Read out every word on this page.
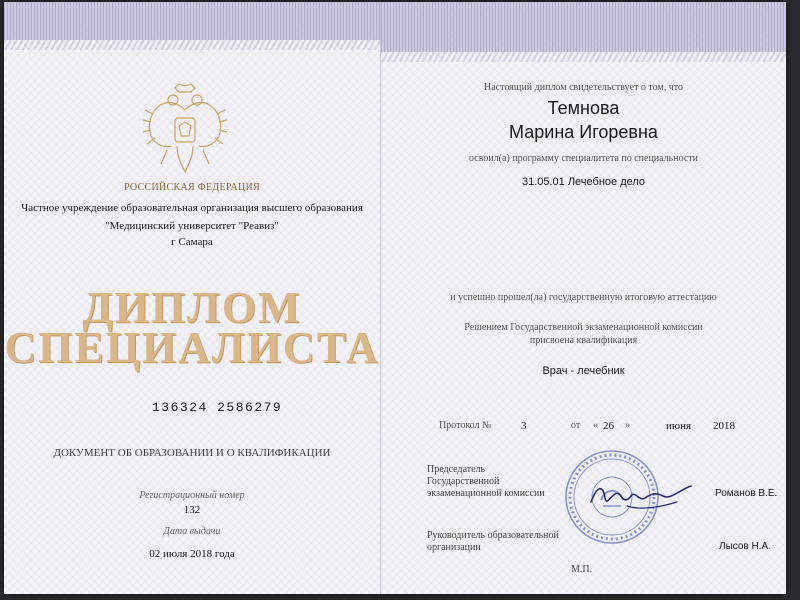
РОССИЙСКАЯ ФЕДЕРАЦИЯ
Частное учреждение образовательная организация высшего образования
"Медицинский университет "Реавиз"
г Самара
ДИПЛОМ
СПЕЦИАЛИСТА
136324 2586279
ДОКУМЕНТ ОБ ОБРАЗОВАНИИ И О КВАЛИФИКАЦИИ
Регистрационный номер
132
Дата выдачи
02 июля 2018 года
Настоящий диплом свидетельствует о том, что
Темнова
Марина Игоревна
освоил(а) программу специалитета по специальности
31.05.01 Лечебное дело
и успешно прошел(ла) государственную итоговую аттестацию
Решением Государственной экзаменационной комиссии
присвоена квалификация
Врач - лечебник
Протокол №	3	от « 26 »	июня 2018
Председатель
Государственной
экзаменационной комиссии	Романов В.Е.
Руководитель образовательной
организации	Лысов Н.А.
М.П.
